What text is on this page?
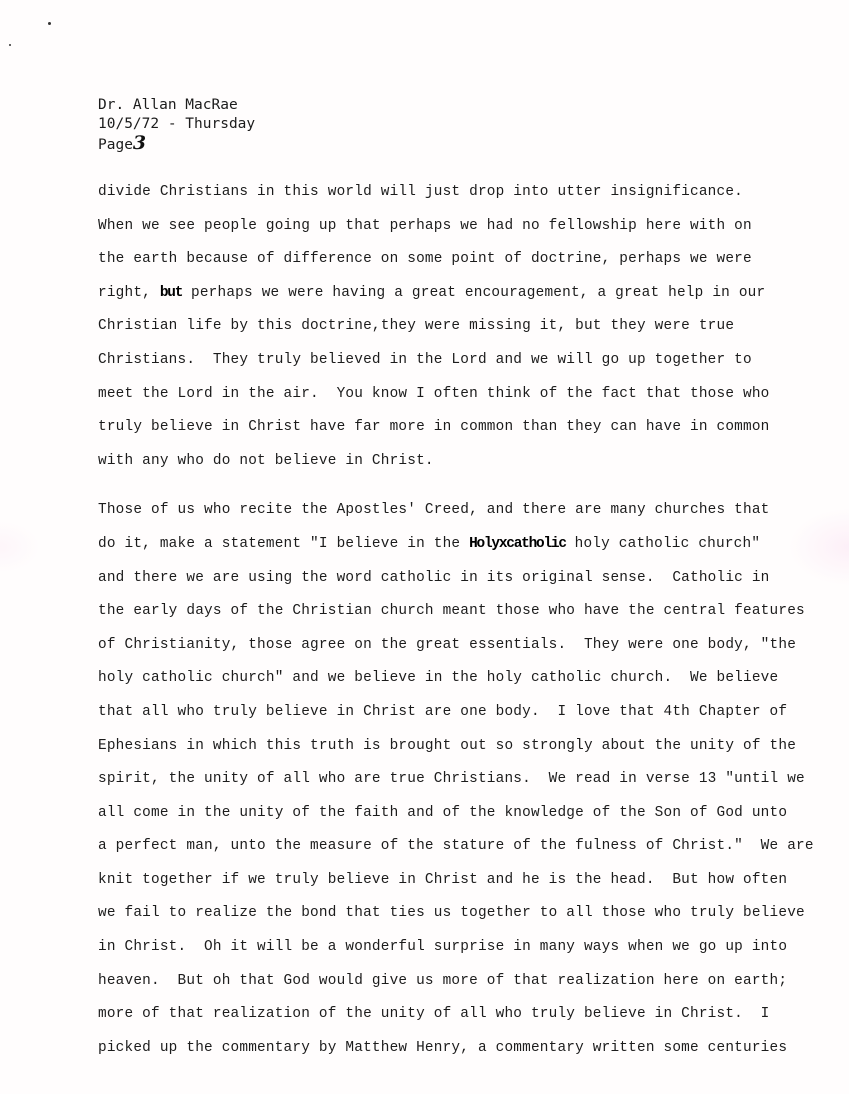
Dr. Allan MacRae
10/5/72 - Thursday
Page3
divide Christians in this world will just drop into utter insignificance.
When we see people going up that perhaps we had no fellowship here with on
the earth because of difference on some point of doctrine, perhaps we were
right, but perhaps we were having a great encouragement, a great help in our
Christian life by this doctrine,they were missing it, but they were true
Christians.  They truly believed in the Lord and we will go up together to
meet the Lord in the air.  You know I often think of the fact that those who
truly believe in Christ have far more in common than they can have in common
with any who do not believe in Christ.
Those of us who recite the Apostles' Creed, and there are many churches that
do it, make a statement "I believe in the Holyxcatholic holy catholic church"
and there we are using the word catholic in its original sense.  Catholic in
the early days of the Christian church meant those who have the central features
of Christianity, those agree on the great essentials.  They were one body, "the
holy catholic church" and we believe in the holy catholic church.  We believe
that all who truly believe in Christ are one body.  I love that 4th Chapter of
Ephesians in which this truth is brought out so strongly about the unity of the
spirit, the unity of all who are true Christians.  We read in verse 13 "until we
all come in the unity of the faith and of the knowledge of the Son of God unto
a perfect man, unto the measure of the stature of the fulness of Christ."  We are
knit together if we truly believe in Christ and he is the head.  But how often
we fail to realize the bond that ties us together to all those who truly believe
in Christ.  Oh it will be a wonderful surprise in many ways when we go up into
heaven.  But oh that God would give us more of that realization here on earth;
more of that realization of the unity of all who truly believe in Christ.  I
picked up the commentary by Matthew Henry, a commentary written some centuries
